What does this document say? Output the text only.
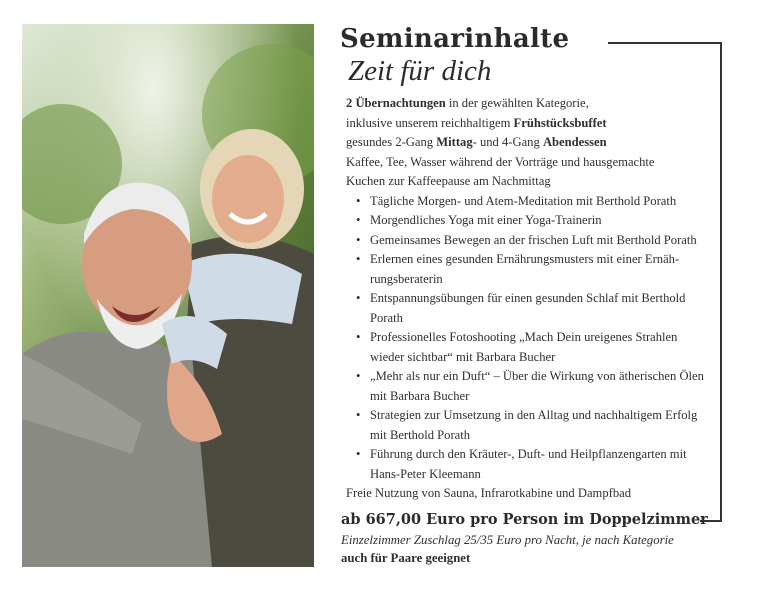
Seminarinhalte
Zeit für dich
2 Übernachtungen in der gewählten Kategorie,
inklusive unserem reichhaltigem Frühstücksbuffet
gesundes 2-Gang Mittag- und 4-Gang Abendessen
Kaffee, Tee, Wasser während der Vorträge und hausgemachte
Kuchen zur Kaffeepause am Nachmittag
• Tägliche Morgen- und Atem-Meditation mit Berthold Porath
• Morgendliches Yoga mit einer Yoga-Trainerin
• Gemeinsames Bewegen an der frischen Luft mit Berthold Porath
• Erlernen eines gesunden Ernährungsmusters mit einer Ernäh-
rungsberaterin
• Entspannungsübungen für einen gesunden Schlaf mit Berthold
Porath
• Professionelles Fotoshooting „Mach Dein ureigenes Strahlen
wieder sichtbar“ mit Barbara Bucher
• „Mehr als nur ein Duft“ – Über die Wirkung von ätherischen Ölen
mit Barbara Bucher
• Strategien zur Umsetzung in den Alltag und nachhaltigem Erfolg
mit Berthold Porath
• Führung durch den Kräuter-, Duft- und Heilpflanzengarten mit
Hans-Peter Kleemann
Freie Nutzung von Sauna, Infrarotkabine und Dampfbad
ab 667,00 Euro pro Person im Doppelzimmer
Einzelzimmer Zuschlag 25/35 Euro pro Nacht, je nach Kategorie
auch für Paare geeignet
